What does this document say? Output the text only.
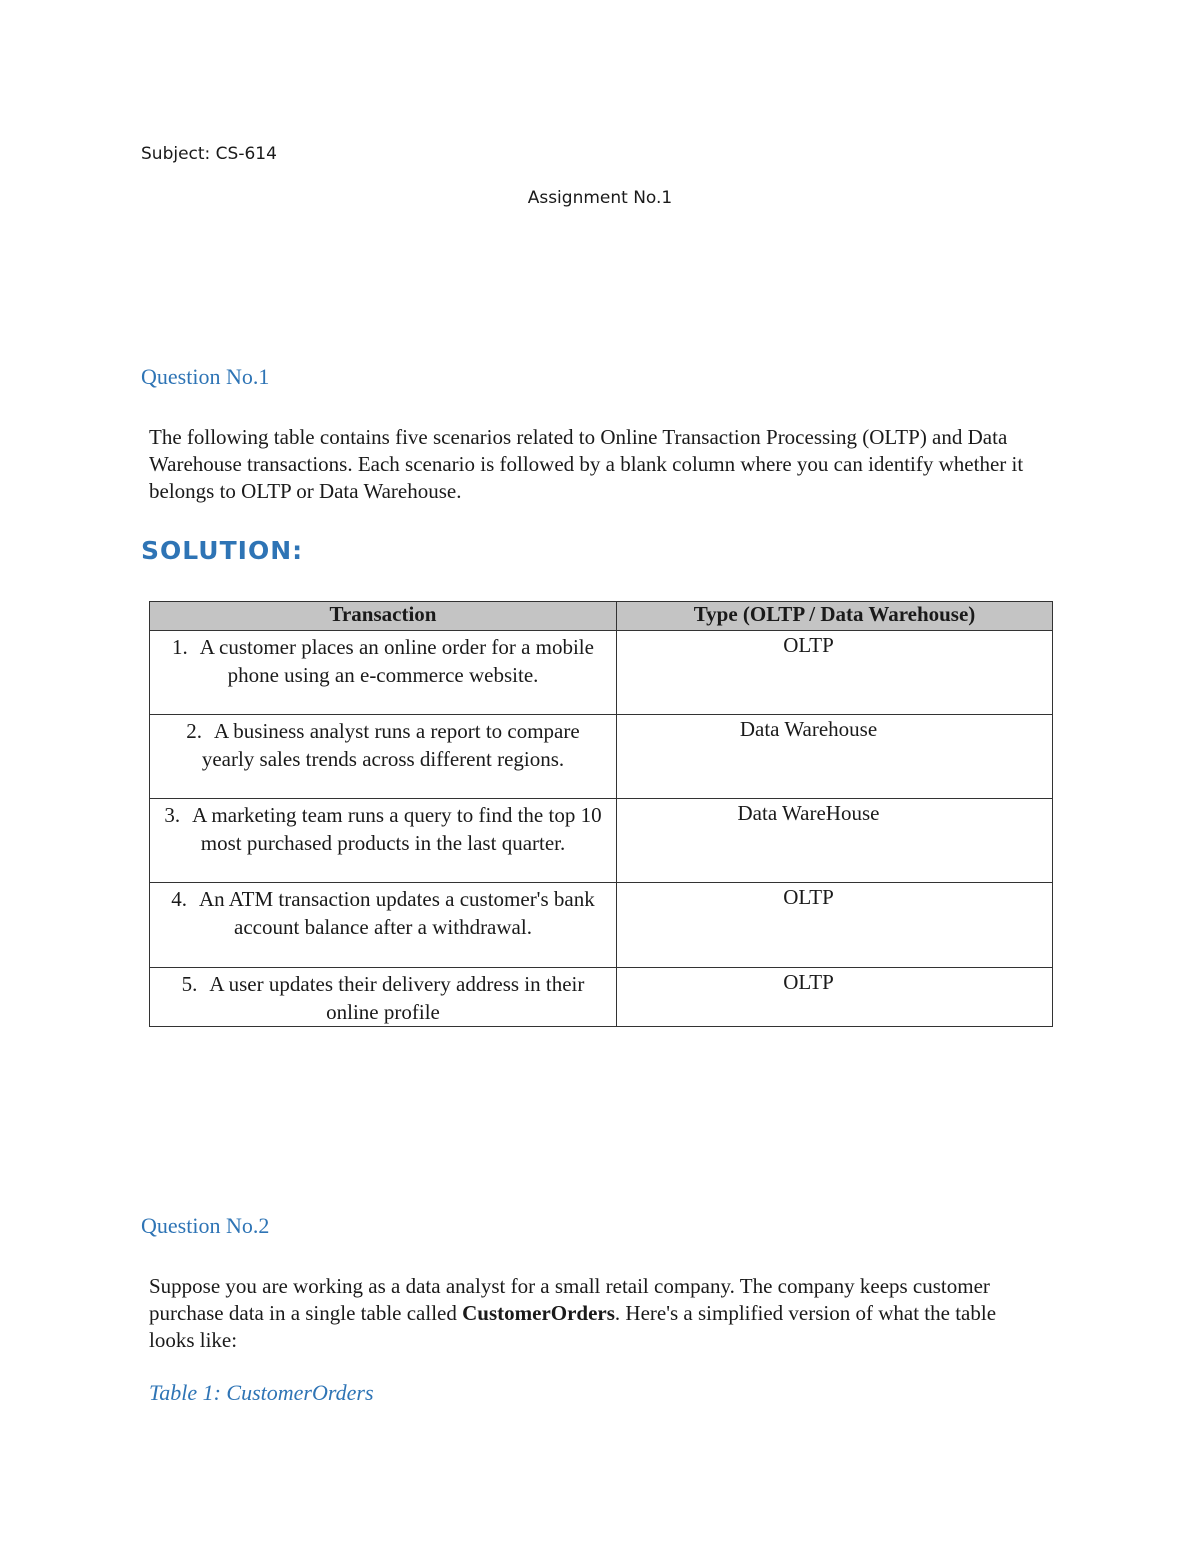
Subject: CS-614
Assignment No.1
Question No.1
The following table contains five scenarios related to Online Transaction Processing (OLTP) and Data Warehouse transactions. Each scenario is followed by a blank column where you can identify whether it belongs to OLTP or Data Warehouse.
SOLUTION:
Transaction	Type (OLTP / Data Warehouse)
1. A customer places an online order for a mobile phone using an e-commerce website.	OLTP
2. A business analyst runs a report to compare yearly sales trends across different regions.	Data Warehouse
3. A marketing team runs a query to find the top 10 most purchased products in the last quarter.	Data WareHouse
4. An ATM transaction updates a customer's bank account balance after a withdrawal.	OLTP
5. A user updates their delivery address in their online profile	OLTP
Question No.2
Suppose you are working as a data analyst for a small retail company. The company keeps customer purchase data in a single table called CustomerOrders. Here's a simplified version of what the table looks like:
Table 1: CustomerOrders
